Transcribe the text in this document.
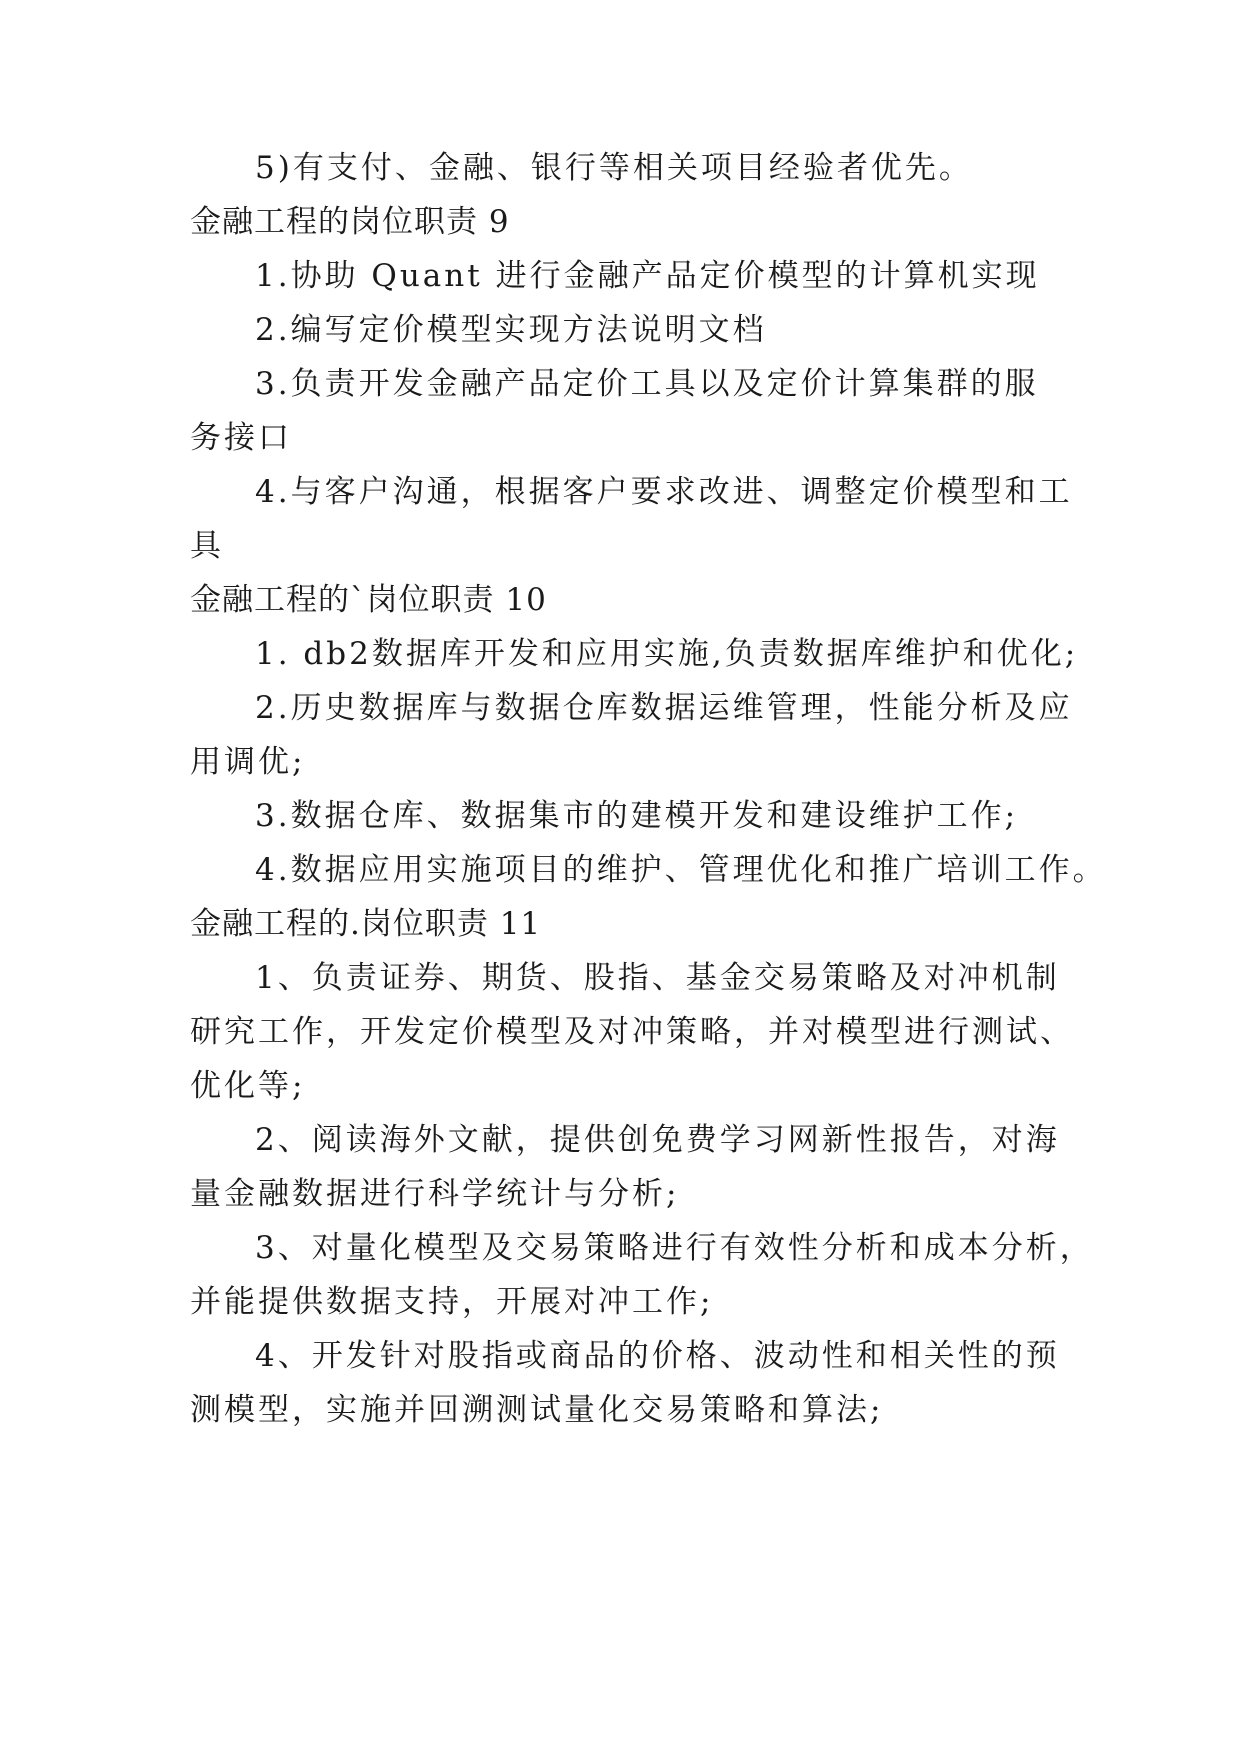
5)有支付、金融、银行等相关项目经验者优先。
金融工程的岗位职责 9
1.协助 Quant 进行金融产品定价模型的计算机实现
2.编写定价模型实现方法说明文档
3.负责开发金融产品定价工具以及定价计算集群的服
务接口
4.与客户沟通，根据客户要求改进、调整定价模型和工
具
金融工程的`岗位职责 10
1. db2数据库开发和应用实施,负责数据库维护和优化;
2.历史数据库与数据仓库数据运维管理，性能分析及应
用调优;
3.数据仓库、数据集市的建模开发和建设维护工作;
4.数据应用实施项目的维护、管理优化和推广培训工作。
金融工程的.岗位职责 11
1、负责证券、期货、股指、基金交易策略及对冲机制
研究工作，开发定价模型及对冲策略，并对模型进行测试、
优化等;
2、阅读海外文献，提供创免费学习网新性报告，对海
量金融数据进行科学统计与分析;
3、对量化模型及交易策略进行有效性分析和成本分析，
并能提供数据支持，开展对冲工作;
4、开发针对股指或商品的价格、波动性和相关性的预
测模型，实施并回溯测试量化交易策略和算法;
